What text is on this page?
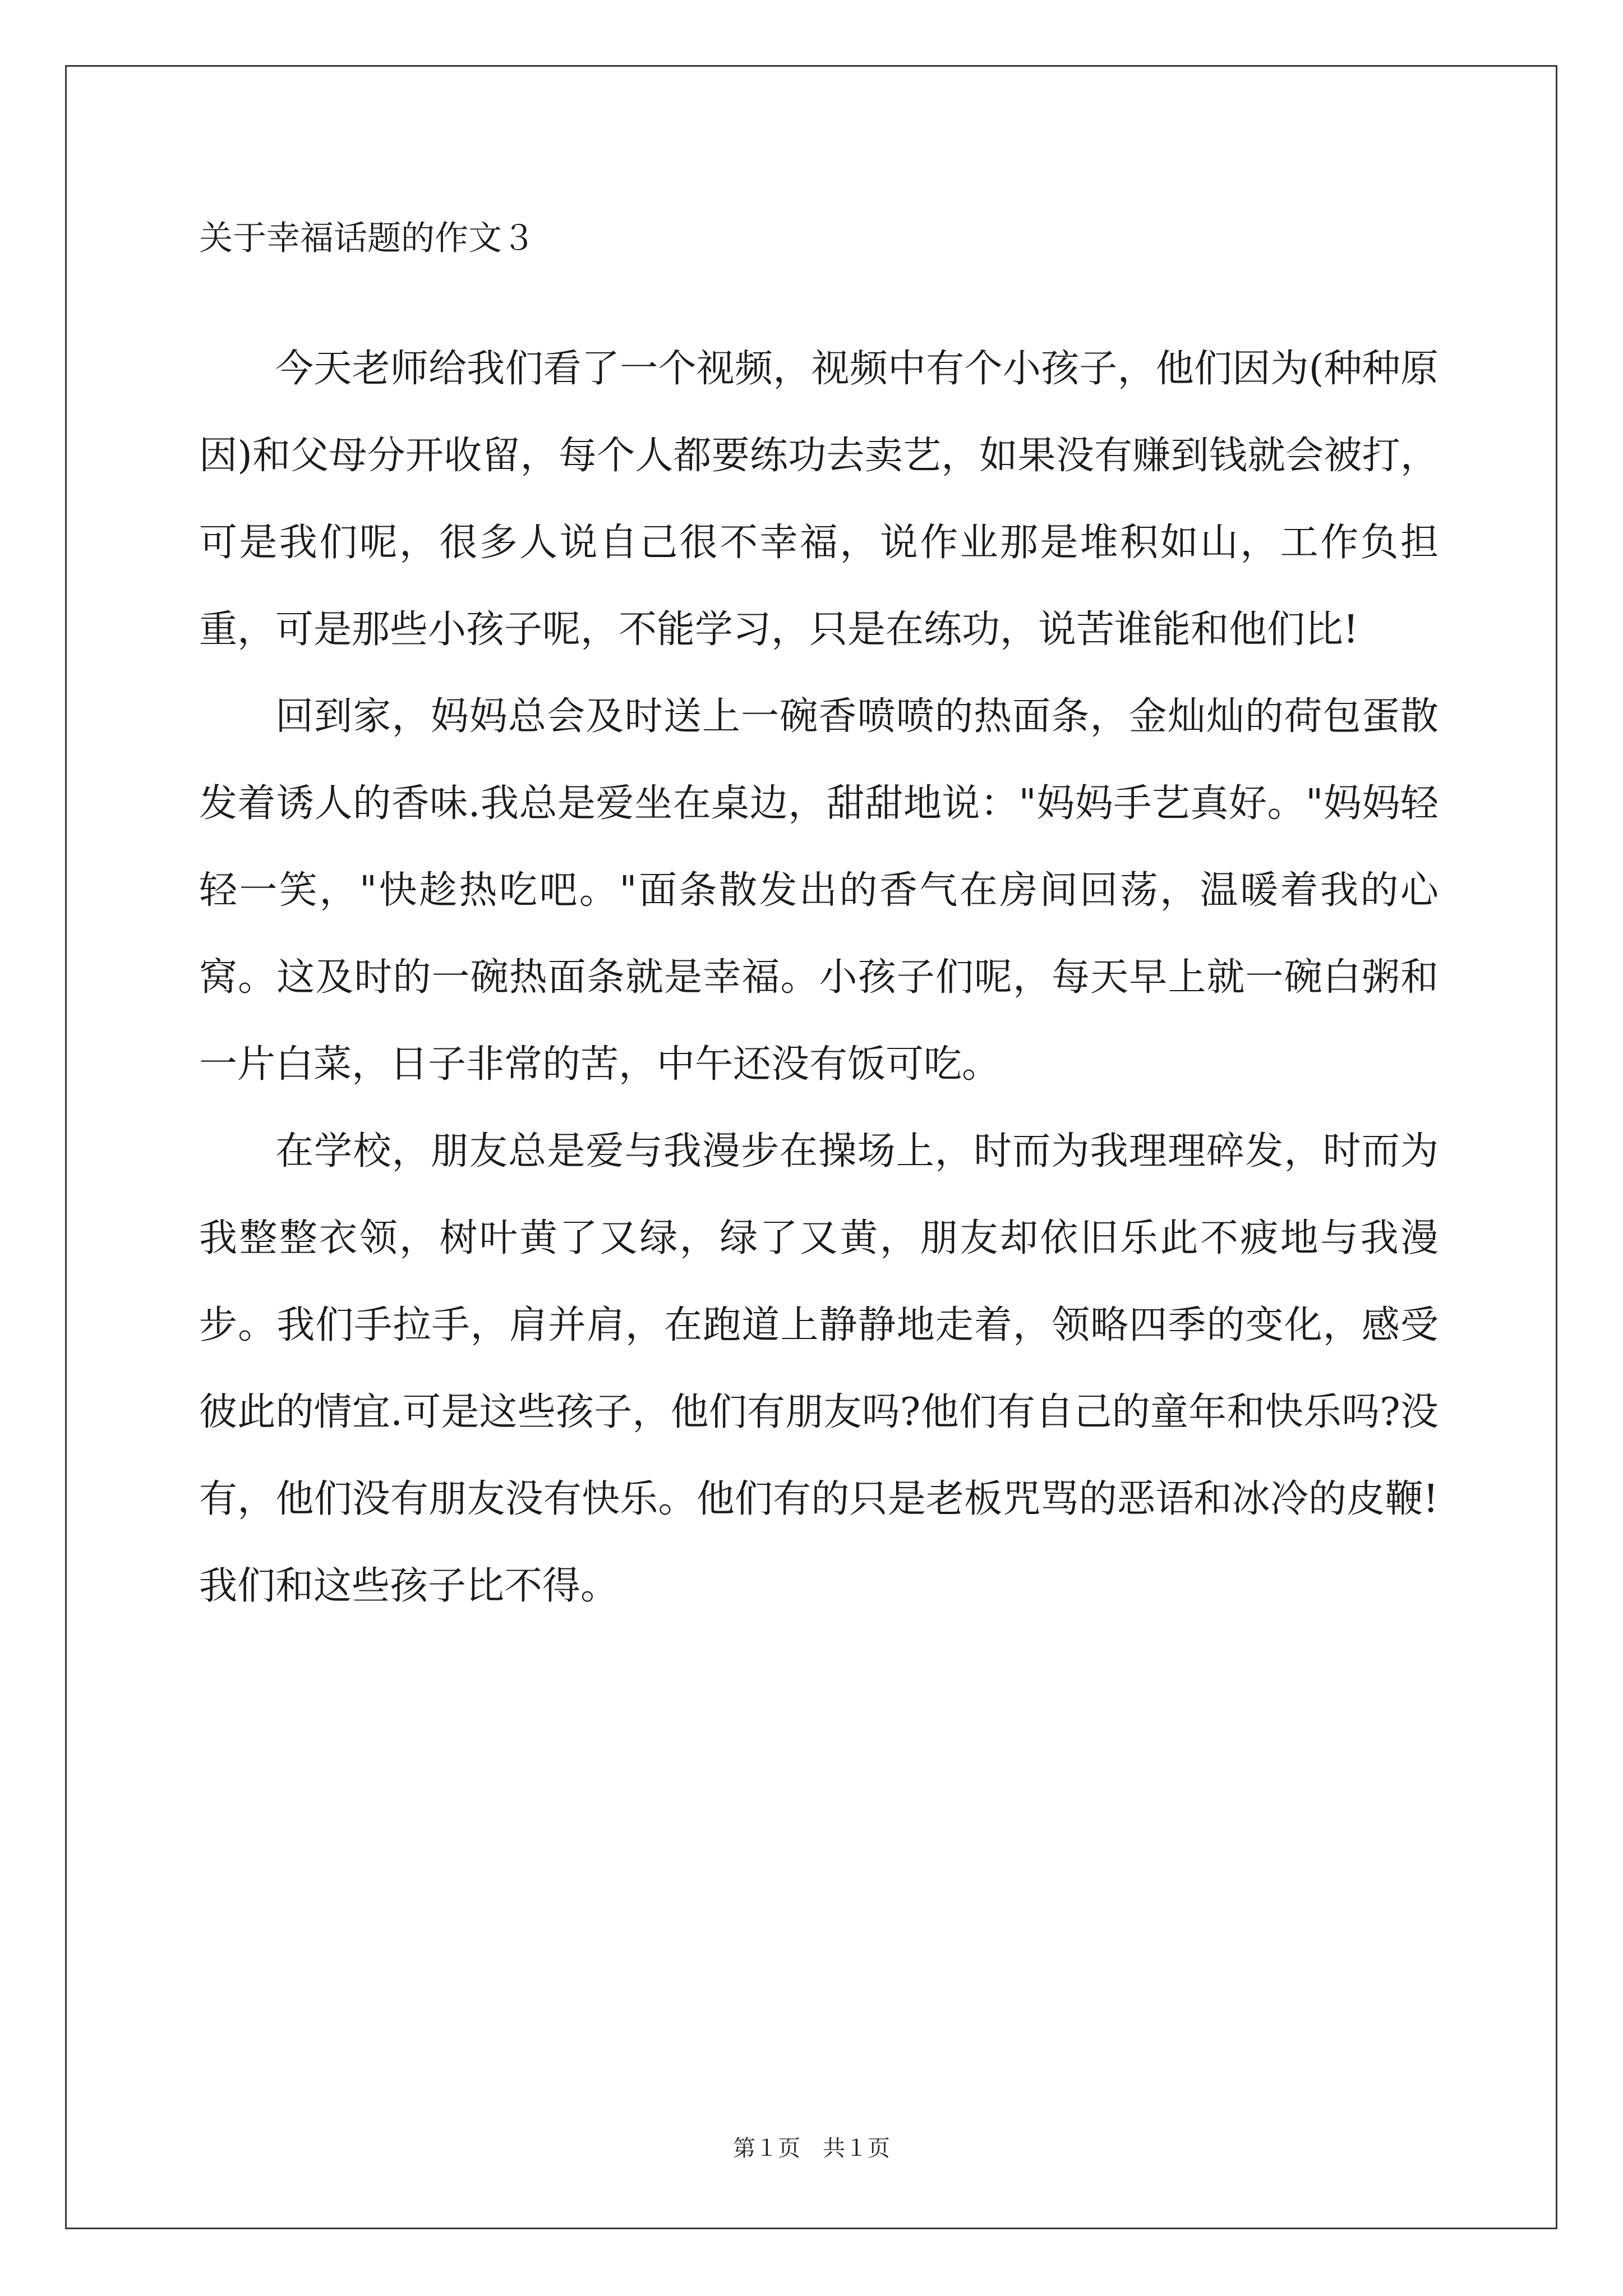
关于幸福话题的作文３

今天老师给我们看了一个视频，视频中有个小孩子，他们因为(种种原因)和父母分开收留，每个人都要练功去卖艺，如果没有赚到钱就会被打，可是我们呢，很多人说自己很不幸福，说作业那是堆积如山，工作负担重，可是那些小孩子呢，不能学习，只是在练功，说苦谁能和他们比!

回到家，妈妈总会及时送上一碗香喷喷的热面条，金灿灿的荷包蛋散发着诱人的香味.我总是爱坐在桌边，甜甜地说："妈妈手艺真好。"妈妈轻轻一笑，"快趁热吃吧。"面条散发出的香气在房间回荡，温暖着我的心窝。这及时的一碗热面条就是幸福。小孩子们呢，每天早上就一碗白粥和一片白菜，日子非常的苦，中午还没有饭可吃。

在学校，朋友总是爱与我漫步在操场上，时而为我理理碎发，时而为我整整衣领，树叶黄了又绿，绿了又黄，朋友却依旧乐此不疲地与我漫步。我们手拉手，肩并肩，在跑道上静静地走着，领略四季的变化，感受彼此的情宜.可是这些孩子，他们有朋友吗?他们有自己的童年和快乐吗?没有，他们没有朋友没有快乐。他们有的只是老板咒骂的恶语和冰冷的皮鞭!我们和这些孩子比不得。

第１页　共１页
